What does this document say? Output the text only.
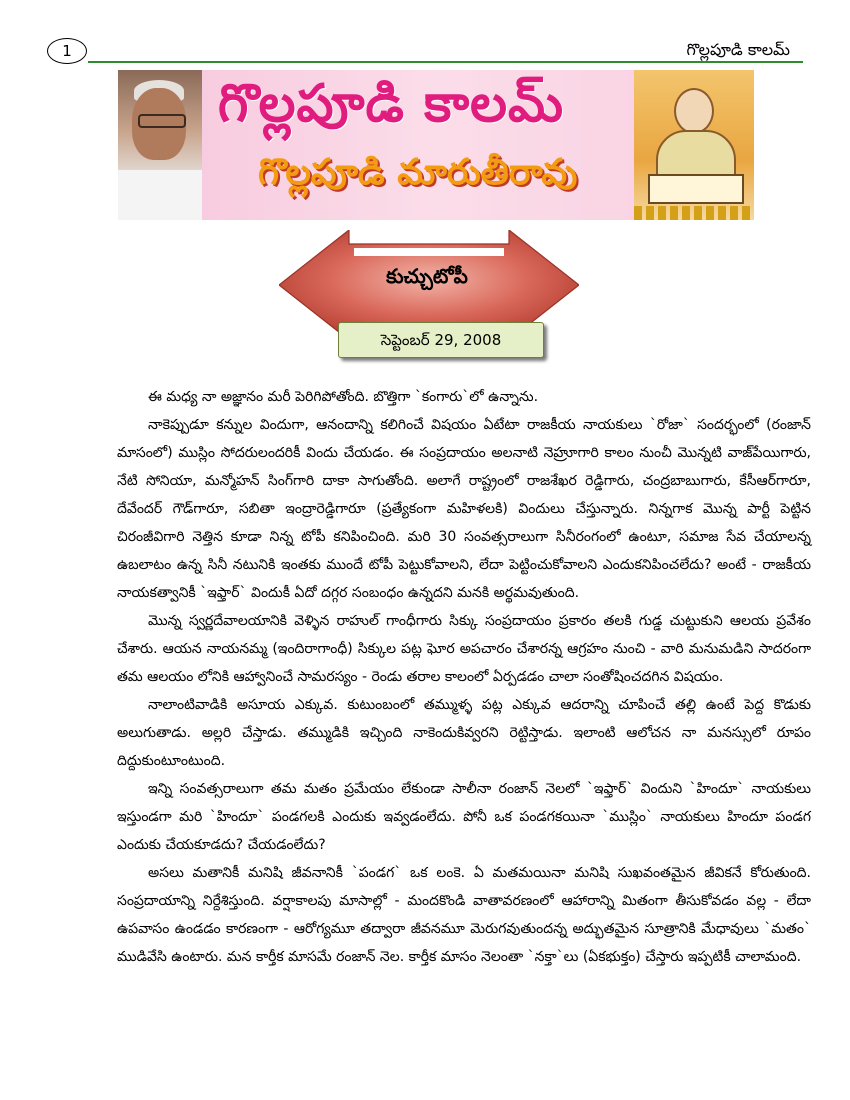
1	గొల్లపూడి కాలమ్
గొల్లపూడి కాలమ్
గొల్లపూడి మారుతీరావు
కుచ్చుటోపీ
సెప్టెంబర్ 29, 2008

ఈ మధ్య నా అజ్ఞానం మరీ పెరిగిపోతోంది. బొత్తిగా `కంగారు`లో ఉన్నాను.

నాకెప్పుడూ కన్నుల విందుగా, ఆనందాన్ని కలిగించే విషయం ఏటేటా రాజకీయ నాయకులు `రోజా` సందర్భంలో (రంజాన్ మాసంలో) ముస్లిం సోదరులందరికీ విందు చేయడం. ఈ సంప్రదాయం అలనాటి నెహ్రూగారి కాలం నుంచీ మొన్నటి వాజ్‌పేయిగారు, నేటి సోనియా, మన్మోహన్ సింగ్‌గారి దాకా సాగుతోంది. అలాగే రాష్ట్రంలో రాజశేఖర రెడ్డిగారు, చంద్రబాబుగారు, కేసీఆర్‌గారూ, దేవేందర్ గౌడ్‌గారూ, సబితా ఇంద్రారెడ్డిగారూ (ప్రత్యేకంగా మహిళలకి) విందులు చేస్తున్నారు. నిన్నగాక మొన్న పార్టీ పెట్టిన చిరంజీవిగారి నెత్తిన కూడా నిన్న టోపీ కనిపించింది. మరి 30 సంవత్సరాలుగా సినీరంగంలో ఉంటూ, సమాజ సేవ చేయాలన్న ఉబలాటం ఉన్న సినీ నటునికి ఇంతకు ముందే టోపీ పెట్టుకోవాలని, లేదా పెట్టించుకోవాలని ఎందుకనిపించలేదు? అంటే - రాజకీయ నాయకత్వానికీ `ఇఫ్తార్` విందుకీ ఏదో దగ్గర సంబంధం ఉన్నదని మనకి అర్థమవుతుంది.

మొన్న స్వర్ణదేవాలయానికి వెళ్ళిన రాహుల్ గాంధీగారు సిక్కు సంప్రదాయం ప్రకారం తలకి గుడ్డ చుట్టుకుని ఆలయ ప్రవేశం చేశారు. ఆయన నాయనమ్మ (ఇందిరాగాంధీ) సిక్కుల పట్ల ఘోర అపచారం చేశారన్న ఆగ్రహం నుంచి - వారి మనుమడిని సాదరంగా తమ ఆలయం లోనికి ఆహ్వానించే సామరస్యం - రెండు తరాల కాలంలో ఏర్పడడం చాలా సంతోషించదగిన విషయం.

నాలాంటివాడికి అసూయ ఎక్కువ. కుటుంబంలో తమ్ముళ్ళ పట్ల ఎక్కువ ఆదరాన్ని చూపించే తల్లి ఉంటే పెద్ద కొడుకు అలుగుతాడు. అల్లరి చేస్తాడు. తమ్ముడికి ఇచ్చింది నాకెందుకివ్వరని రెట్టిస్తాడు. ఇలాంటి ఆలోచన నా మనస్సులో రూపం దిద్దుకుంటూంటుంది.

ఇన్ని సంవత్సరాలుగా తమ మతం ప్రమేయం లేకుండా సాలీనా రంజాన్ నెలలో `ఇఫ్తార్` విందుని `హిందూ` నాయకులు ఇస్తుండగా మరి `హిందూ` పండగలకి ఎందుకు ఇవ్వడంలేదు. పోనీ ఒక పండగకయినా `ముస్లిం` నాయకులు హిందూ పండగ ఎందుకు చేయకూడదు? చేయడంలేదు?

అసలు మతానికీ మనిషి జీవనానికీ `పండగ` ఒక లంకె. ఏ మతమయినా మనిషి సుఖవంతమైన జీవికనే కోరుతుంది. సంప్రదాయాన్ని నిర్దేశిస్తుంది. వర్షాకాలపు మాసాల్లో - మందకొండి వాతావరణంలో ఆహారాన్ని మితంగా తీసుకోవడం వల్ల - లేదా ఉపవాసం ఉండడం కారణంగా - ఆరోగ్యమూ తద్వారా జీవనమూ మెరుగవుతుందన్న అద్భుతమైన సూత్రానికి మేధావులు `మతం` ముడివేసి ఉంటారు. మన కార్తీక మాసమే రంజాన్ నెల. కార్తీక మాసం నెలంతా `నక్తా`లు (ఏకభుక్తం) చేస్తారు ఇప్పటికీ చాలామంది.
